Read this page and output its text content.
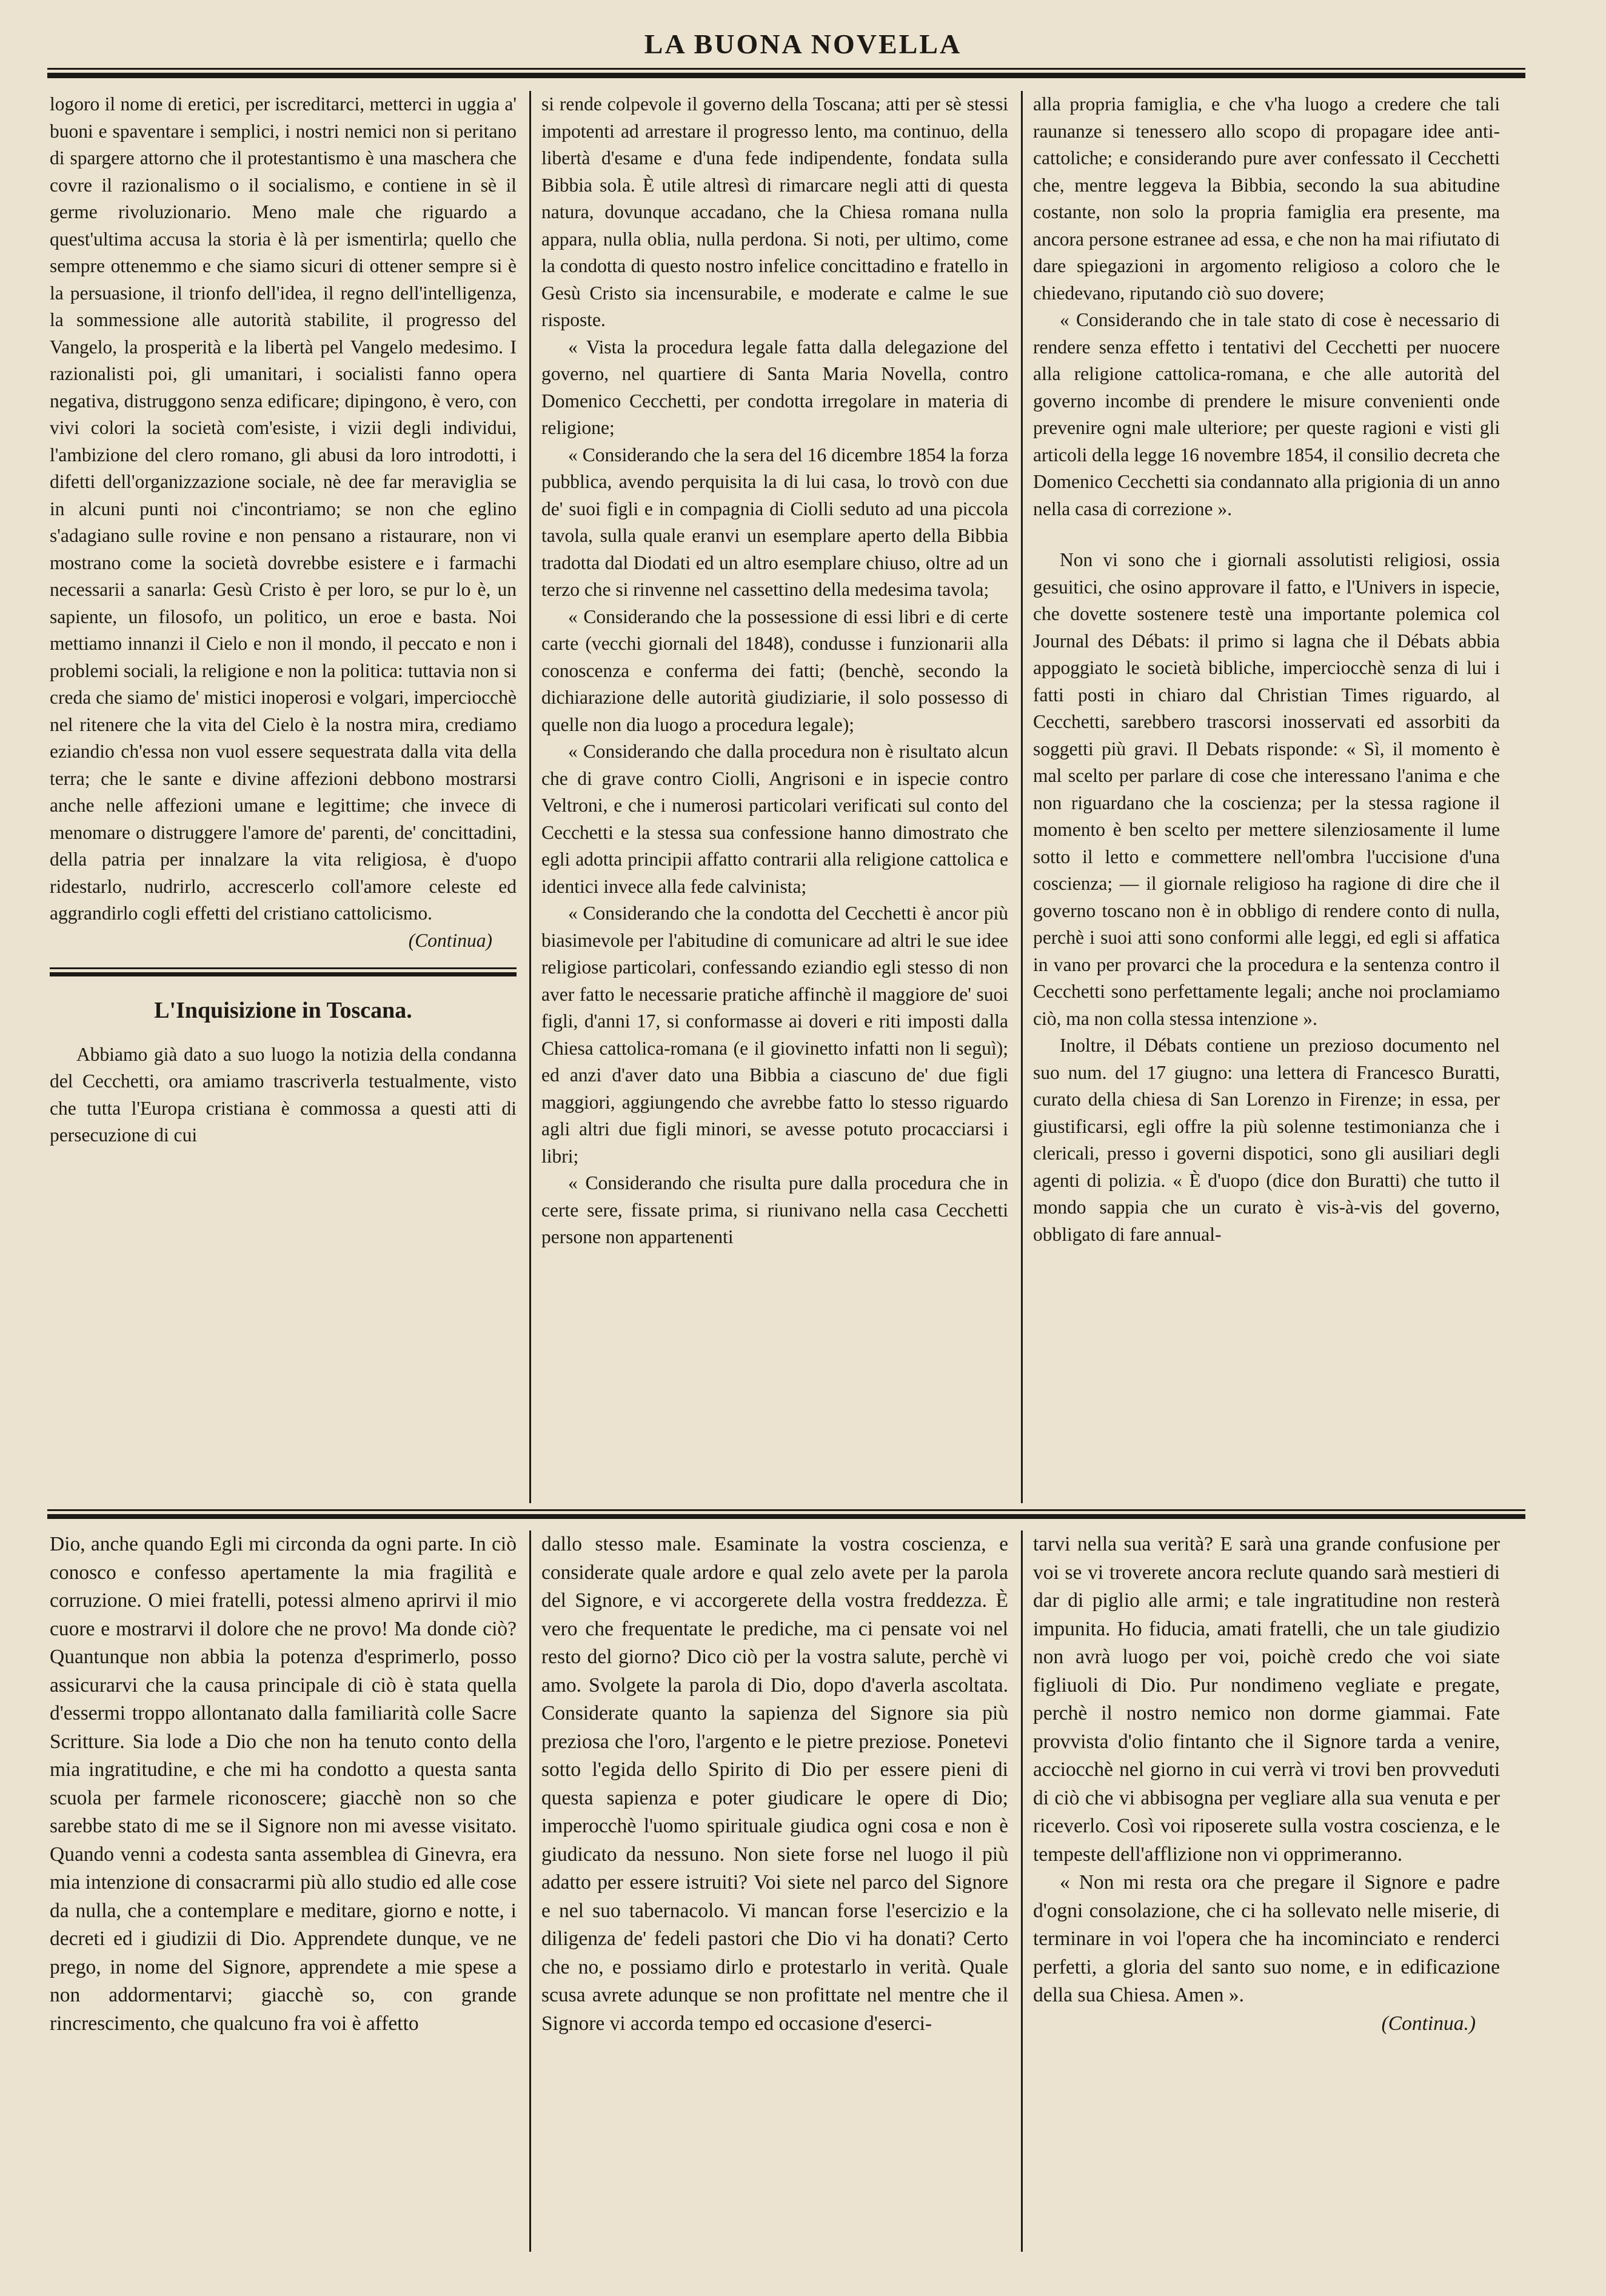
LA BUONA NOVELLA

logoro il nome di eretici, per iscreditarci, metterci in uggia a' buoni e spaventare i semplici, i nostri nemici non si peritano di spargere attorno che il protestantismo è una maschera che covre il razionalismo o il socialismo, e contiene in sè il germe rivoluzionario. Meno male che riguardo a quest'ultima accusa la storia è là per ismentirla; quello che sempre ottenemmo e che siamo sicuri di ottener sempre si è la persuasione, il trionfo dell'idea, il regno dell'intelligenza, la sommessione alle autorità stabilite, il progresso del Vangelo, la prosperità e la libertà pel Vangelo medesimo. I razionalisti poi, gli umanitari, i socialisti fanno opera negativa, distruggono senza edificare; dipingono, è vero, con vivi colori la società com'esiste, i vizii degli individui, l'ambizione del clero romano, gli abusi da loro introdotti, i difetti dell'organizzazione sociale, nè dee far meraviglia se in alcuni punti noi c'incontriamo; se non che eglino s'adagiano sulle rovine e non pensano a ristaurare, non vi mostrano come la società dovrebbe esistere e i farmachi necessarii a sanarla: Gesù Cristo è per loro, se pur lo è, un sapiente, un filosofo, un politico, un eroe e basta. Noi mettiamo innanzi il Cielo e non il mondo, il peccato e non i problemi sociali, la religione e non la politica: tuttavia non si creda che siamo de' mistici inoperosi e volgari, imperciocchè nel ritenere che la vita del Cielo è la nostra mira, crediamo eziandio ch'essa non vuol essere sequestrata dalla vita della terra; che le sante e divine affezioni debbono mostrarsi anche nelle affezioni umane e legittime; che invece di menomare o distruggere l'amore de' parenti, de' concittadini, della patria per innalzare la vita religiosa, è d'uopo ridestarlo, nudrirlo, accrescerlo coll'amore celeste ed aggrandirlo cogli effetti del cristiano cattolicismo.

(Continua)

L'Inquisizione in Toscana.

Abbiamo già dato a suo luogo la notizia della condanna del Cecchetti, ora amiamo trascriverla testualmente, visto che tutta l'Europa cristiana è commossa a questi atti di persecuzione di cui

si rende colpevole il governo della Toscana; atti per sè stessi impotenti ad arrestare il progresso lento, ma continuo, della libertà d'esame e d'una fede indipendente, fondata sulla Bibbia sola. È utile altresì di rimarcare negli atti di questa natura, dovunque accadano, che la Chiesa romana nulla appara, nulla oblia, nulla perdona. Si noti, per ultimo, come la condotta di questo nostro infelice concittadino e fratello in Gesù Cristo sia incensurabile, e moderate e calme le sue risposte.

« Vista la procedura legale fatta dalla delegazione del governo, nel quartiere di Santa Maria Novella, contro Domenico Cecchetti, per condotta irregolare in materia di religione;

« Considerando che la sera del 16 dicembre 1854 la forza pubblica, avendo perquisita la di lui casa, lo trovò con due de' suoi figli e in compagnia di Ciolli seduto ad una piccola tavola, sulla quale eranvi un esemplare aperto della Bibbia tradotta dal Diodati ed un altro esemplare chiuso, oltre ad un terzo che si rinvenne nel cassettino della medesima tavola;

« Considerando che la possessione di essi libri e di certe carte (vecchi giornali del 1848), condusse i funzionarii alla conoscenza e conferma dei fatti; (benchè, secondo la dichiarazione delle autorità giudiziarie, il solo possesso di quelle non dia luogo a procedura legale);

« Considerando che dalla procedura non è risultato alcun che di grave contro Ciolli, Angrisoni e in ispecie contro Veltroni, e che i numerosi particolari verificati sul conto del Cecchetti e la stessa sua confessione hanno dimostrato che egli adotta principii affatto contrarii alla religione cattolica e identici invece alla fede calvinista;

« Considerando che la condotta del Cecchetti è ancor più biasimevole per l'abitudine di comunicare ad altri le sue idee religiose particolari, confessando eziandio egli stesso di non aver fatto le necessarie pratiche affinchè il maggiore de' suoi figli, d'anni 17, si conformasse ai doveri e riti imposti dalla Chiesa cattolica-romana (e il giovinetto infatti non li seguì); ed anzi d'aver dato una Bibbia a ciascuno de' due figli maggiori, aggiungendo che avrebbe fatto lo stesso riguardo agli altri due figli minori, se avesse potuto procacciarsi i libri;

« Considerando che risulta pure dalla procedura che in certe sere, fissate prima, si riunivano nella casa Cecchetti persone non appartenenti

alla propria famiglia, e che v'ha luogo a credere che tali raunanze si tenessero allo scopo di propagare idee anti-cattoliche; e considerando pure aver confessato il Cecchetti che, mentre leggeva la Bibbia, secondo la sua abitudine costante, non solo la propria famiglia era presente, ma ancora persone estranee ad essa, e che non ha mai rifiutato di dare spiegazioni in argomento religioso a coloro che le chiedevano, riputando ciò suo dovere;

« Considerando che in tale stato di cose è necessario di rendere senza effetto i tentativi del Cecchetti per nuocere alla religione cattolica-romana, e che alle autorità del governo incombe di prendere le misure convenienti onde prevenire ogni male ulteriore; per queste ragioni e visti gli articoli della legge 16 novembre 1854, il consilio decreta che Domenico Cecchetti sia condannato alla prigionia di un anno nella casa di correzione ».

Non vi sono che i giornali assolutisti religiosi, ossia gesuitici, che osino approvare il fatto, e l'Univers in ispecie, che dovette sostenere testè una importante polemica col Journal des Débats: il primo si lagna che il Débats abbia appoggiato le società bibliche, imperciocchè senza di lui i fatti posti in chiaro dal Christian Times riguardo, al Cecchetti, sarebbero trascorsi inosservati ed assorbiti da soggetti più gravi. Il Debats risponde: « Sì, il momento è mal scelto per parlare di cose che interessano l'anima e che non riguardano che la coscienza; per la stessa ragione il momento è ben scelto per mettere silenziosamente il lume sotto il letto e commettere nell'ombra l'uccisione d'una coscienza; — il giornale religioso ha ragione di dire che il governo toscano non è in obbligo di rendere conto di nulla, perchè i suoi atti sono conformi alle leggi, ed egli si affatica in vano per provarci che la procedura e la sentenza contro il Cecchetti sono perfettamente legali; anche noi proclamiamo ciò, ma non colla stessa intenzione ».

Inoltre, il Débats contiene un prezioso documento nel suo num. del 17 giugno: una lettera di Francesco Buratti, curato della chiesa di San Lorenzo in Firenze; in essa, per giustificarsi, egli offre la più solenne testimonianza che i clericali, presso i governi dispotici, sono gli ausiliari degli agenti di polizia. « È d'uopo (dice don Buratti) che tutto il mondo sappia che un curato è vis-à-vis del governo, obbligato di fare annual-

Dio, anche quando Egli mi circonda da ogni parte. In ciò conosco e confesso apertamente la mia fragilità e corruzione. O miei fratelli, potessi almeno aprirvi il mio cuore e mostrarvi il dolore che ne provo! Ma donde ciò? Quantunque non abbia la potenza d'esprimerlo, posso assicurarvi che la causa principale di ciò è stata quella d'essermi troppo allontanato dalla familiarità colle Sacre Scritture. Sia lode a Dio che non ha tenuto conto della mia ingratitudine, e che mi ha condotto a questa santa scuola per farmele riconoscere; giacchè non so che sarebbe stato di me se il Signore non mi avesse visitato. Quando venni a codesta santa assemblea di Ginevra, era mia intenzione di consacrarmi più allo studio ed alle cose da nulla, che a contemplare e meditare, giorno e notte, i decreti ed i giudizii di Dio. Apprendete dunque, ve ne prego, in nome del Signore, apprendete a mie spese a non addormentarvi; giacchè so, con grande rincrescimento, che qualcuno fra voi è affetto

dallo stesso male. Esaminate la vostra coscienza, e considerate quale ardore e qual zelo avete per la parola del Signore, e vi accorgerete della vostra freddezza. È vero che frequentate le prediche, ma ci pensate voi nel resto del giorno? Dico ciò per la vostra salute, perchè vi amo. Svolgete la parola di Dio, dopo d'averla ascoltata. Considerate quanto la sapienza del Signore sia più preziosa che l'oro, l'argento e le pietre preziose. Ponetevi sotto l'egida dello Spirito di Dio per essere pieni di questa sapienza e poter giudicare le opere di Dio; imperocchè l'uomo spirituale giudica ogni cosa e non è giudicato da nessuno. Non siete forse nel luogo il più adatto per essere istruiti? Voi siete nel parco del Signore e nel suo tabernacolo. Vi mancan forse l'esercizio e la diligenza de' fedeli pastori che Dio vi ha donati? Certo che no, e possiamo dirlo e protestarlo in verità. Quale scusa avrete adunque se non profittate nel mentre che il Signore vi accorda tempo ed occasione d'eserci-

tarvi nella sua verità? E sarà una grande confusione per voi se vi troverete ancora reclute quando sarà mestieri di dar di piglio alle armi; e tale ingratitudine non resterà impunita. Ho fiducia, amati fratelli, che un tale giudizio non avrà luogo per voi, poichè credo che voi siate figliuoli di Dio. Pur nondimeno vegliate e pregate, perchè il nostro nemico non dorme giammai. Fate provvista d'olio fintanto che il Signore tarda a venire, acciocchè nel giorno in cui verrà vi trovi ben provveduti di ciò che vi abbisogna per vegliare alla sua venuta e per riceverlo. Così voi riposerete sulla vostra coscienza, e le tempeste dell'afflizione non vi opprimeranno.

« Non mi resta ora che pregare il Signore e padre d'ogni consolazione, che ci ha sollevato nelle miserie, di terminare in voi l'opera che ha incominciato e renderci perfetti, a gloria del santo suo nome, e in edificazione della sua Chiesa. Amen ».

(Continua.)
